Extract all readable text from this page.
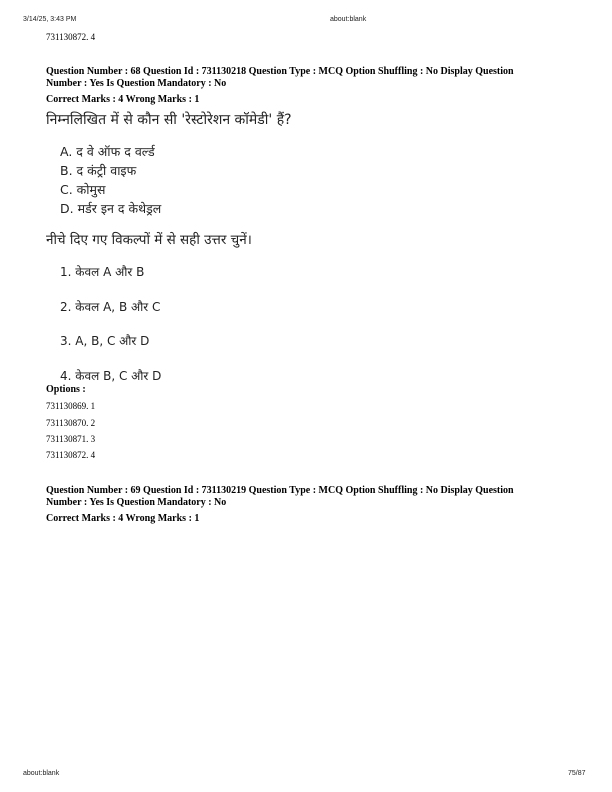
3/14/25, 3:43 PM	about:blank
731130872. 4
Question Number : 68 Question Id : 731130218 Question Type : MCQ Option Shuffling : No Display Question
Number : Yes Is Question Mandatory : No
Correct Marks : 4 Wrong Marks : 1
निम्नलिखित में से कौन सी 'रेस्टोरेशन कॉमेडी' हैं?
A. द वे ऑफ द वर्ल्ड
B. द कंट्री वाइफ
C. कोमुस
D. मर्डर इन द केथेड्रल
नीचे दिए गए विकल्पों में से सही उत्तर चुनें।
1. केवल A और B
2. केवल A, B और C
3. A, B, C और D
4. केवल B, C और D
Options :
731130869. 1
731130870. 2
731130871. 3
731130872. 4
Question Number : 69 Question Id : 731130219 Question Type : MCQ Option Shuffling : No Display Question
Number : Yes Is Question Mandatory : No
Correct Marks : 4 Wrong Marks : 1
about:blank	75/87
